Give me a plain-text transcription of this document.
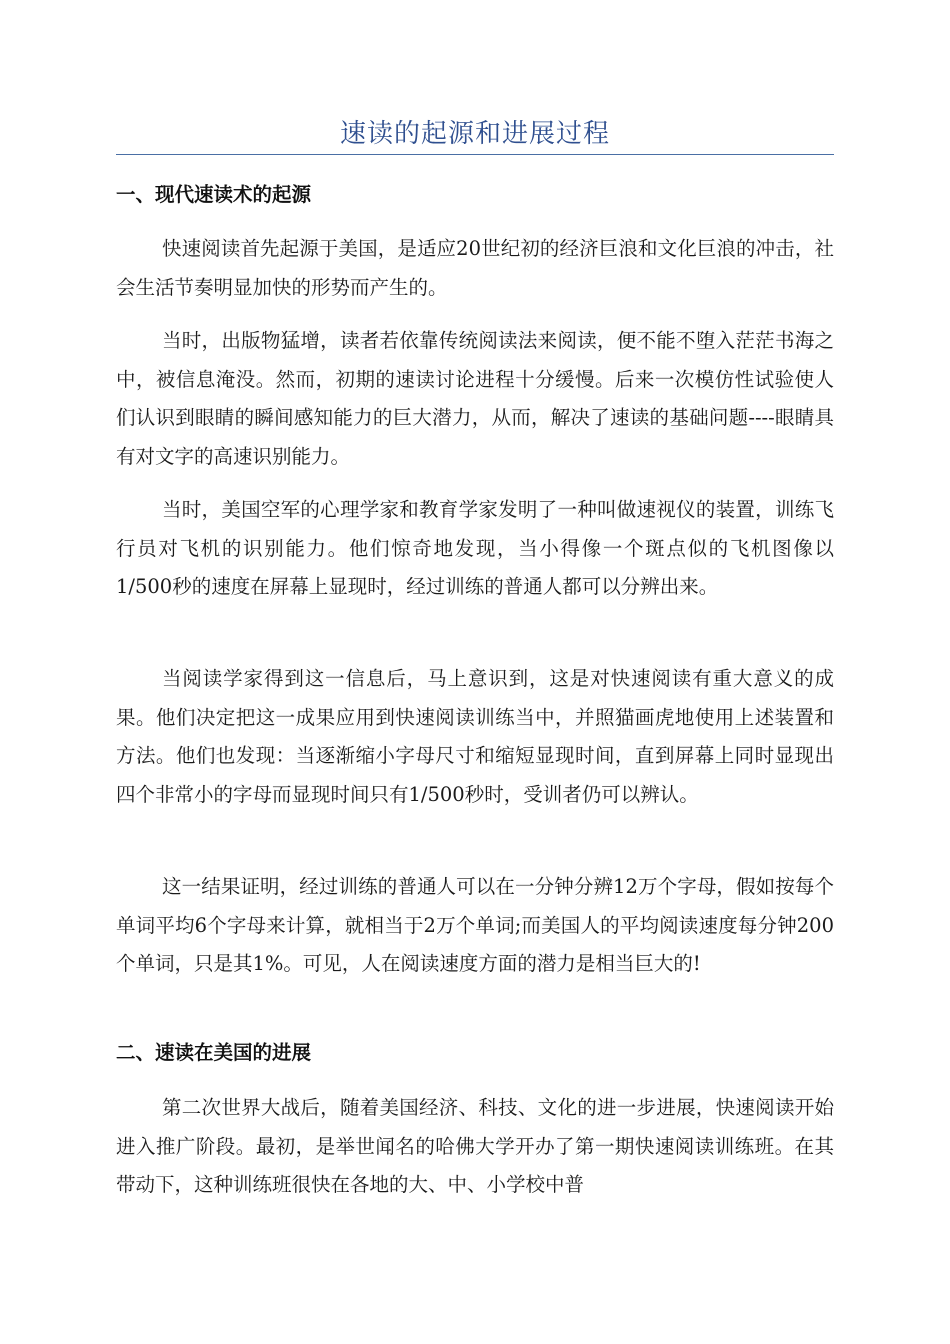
速读的起源和进展过程
一、现代速读术的起源

快速阅读首先起源于美国，是适应20世纪初的经济巨浪和文化巨浪的冲击，社会生活节奏明显加快的形势而产生的。

当时，出版物猛增，读者若依靠传统阅读法来阅读，便不能不堕入茫茫书海之中，被信息淹没。然而，初期的速读讨论进程十分缓慢。后来一次模仿性试验使人们认识到眼睛的瞬间感知能力的巨大潜力，从而，解决了速读的基础问题----眼睛具有对文字的高速识别能力。

当时，美国空军的心理学家和教育学家发明了一种叫做速视仪的装置，训练飞行员对飞机的识别能力。他们惊奇地发现，当小得像一个斑点似的飞机图像以1/500秒的速度在屏幕上显现时，经过训练的普通人都可以分辨出来。

当阅读学家得到这一信息后，马上意识到，这是对快速阅读有重大意义的成果。他们决定把这一成果应用到快速阅读训练当中，并照猫画虎地使用上述装置和方法。他们也发现：当逐渐缩小字母尺寸和缩短显现时间，直到屏幕上同时显现出四个非常小的字母而显现时间只有1/500秒时，受训者仍可以辨认。

这一结果证明，经过训练的普通人可以在一分钟分辨12万个字母，假如按每个单词平均6个字母来计算，就相当于2万个单词;而美国人的平均阅读速度每分钟200个单词，只是其1%。可见，人在阅读速度方面的潜力是相当巨大的!

二、速读在美国的进展

第二次世界大战后，随着美国经济、科技、文化的进一步进展，快速阅读开始进入推广阶段。最初，是举世闻名的哈佛大学开办了第一期快速阅读训练班。在其带动下，这种训练班很快在各地的大、中、小学校中普
